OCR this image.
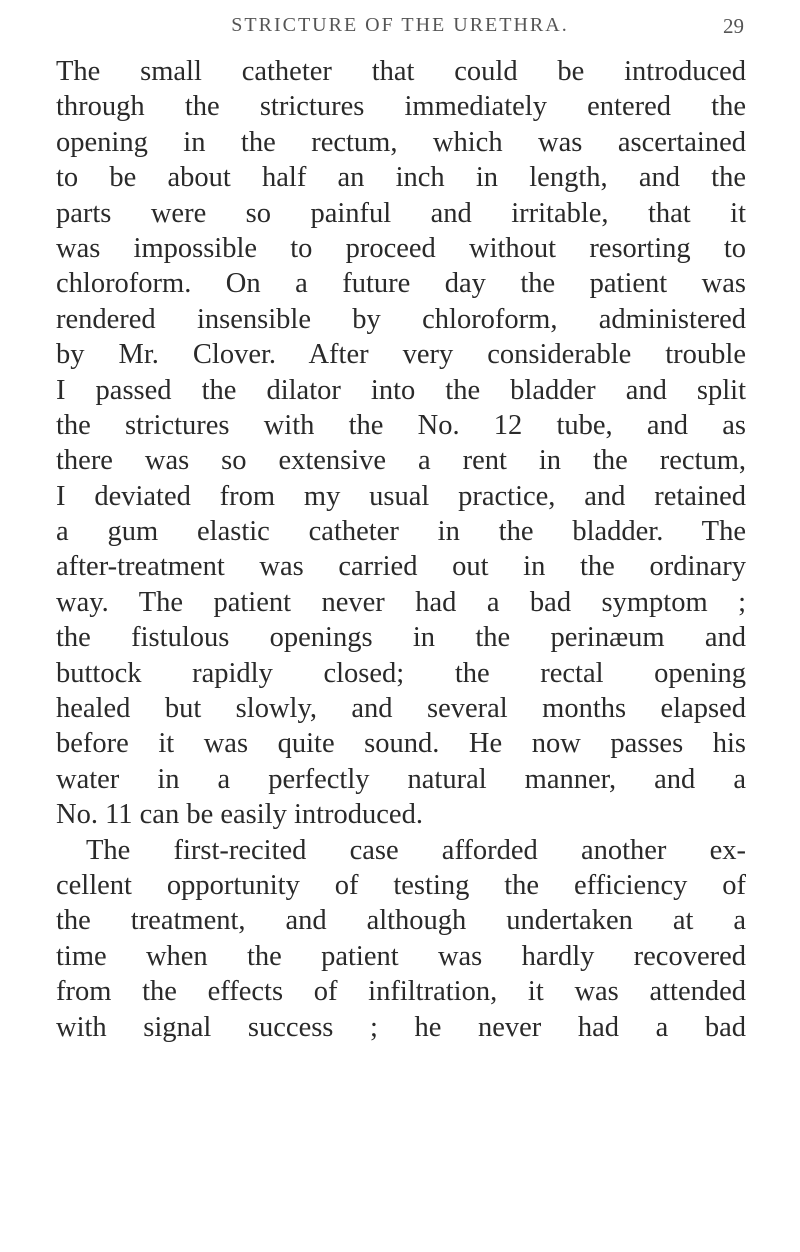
STRICTURE OF THE URETHRA.	29
The small catheter that could be introduced
through the strictures immediately entered the
opening in the rectum, which was ascertained
to be about half an inch in length, and the
parts were so painful and irritable, that it
was impossible to proceed without resorting to
chloroform. On a future day the patient was
rendered insensible by chloroform, administered
by Mr. Clover. After very considerable trouble
I passed the dilator into the bladder and split
the strictures with the No. 12 tube, and as
there was so extensive a rent in the rectum,
I deviated from my usual practice, and retained
a gum elastic catheter in the bladder. The
after-treatment was carried out in the ordinary
way. The patient never had a bad symptom ;
the fistulous openings in the perinæum and
buttock rapidly closed; the rectal opening
healed but slowly, and several months elapsed
before it was quite sound. He now passes his
water in a perfectly natural manner, and a
No. 11 can be easily introduced.
The first-recited case afforded another ex-
cellent opportunity of testing the efficiency of
the treatment, and although undertaken at a
time when the patient was hardly recovered
from the effects of infiltration, it was attended
with signal success ; he never had a bad
